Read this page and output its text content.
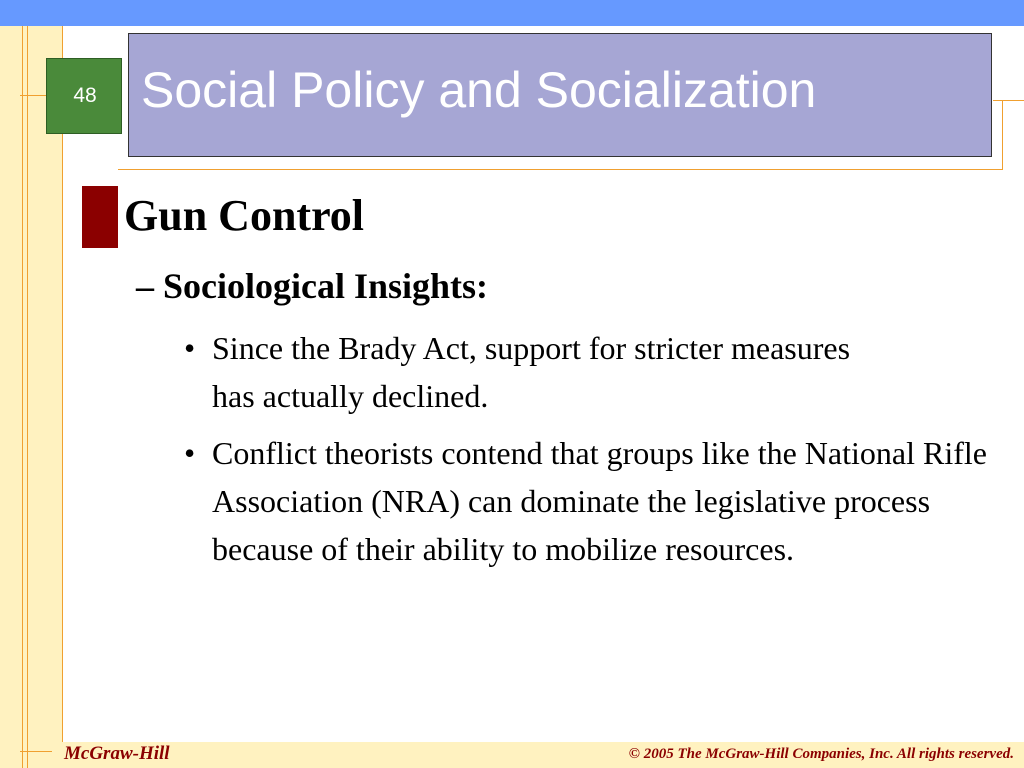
Social Policy and Socialization
48
Gun Control
– Sociological Insights:
• Since the Brady Act, support for stricter measures has actually declined.
• Conflict theorists contend that groups like the National Rifle Association (NRA) can dominate the legislative process because of their ability to mobilize resources.
McGraw-Hill	© 2005 The McGraw-Hill Companies, Inc. All rights reserved.
